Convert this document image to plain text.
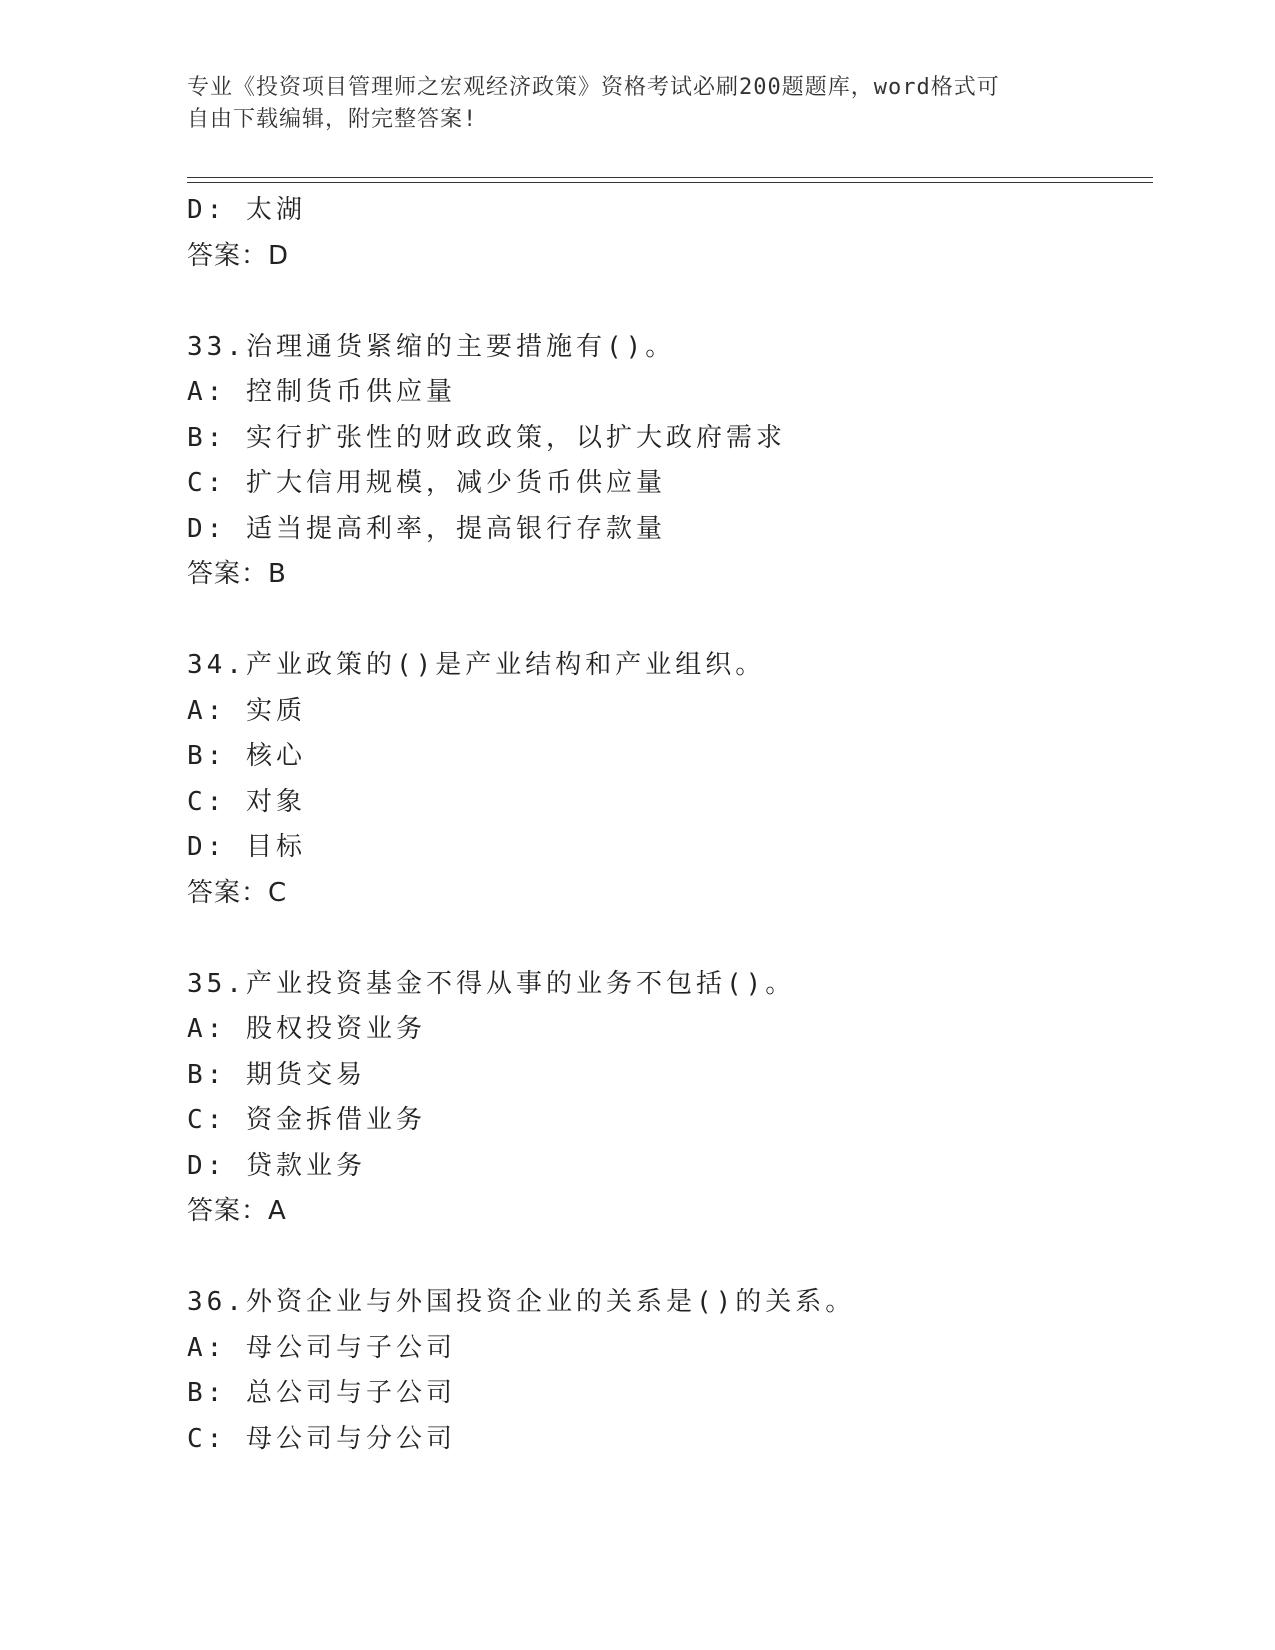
专业《投资项目管理师之宏观经济政策》资格考试必刷200题题库，word格式可
自由下载编辑，附完整答案!
D: 太湖
答案：D
33.治理通货紧缩的主要措施有()。
A: 控制货币供应量
B: 实行扩张性的财政政策，以扩大政府需求
C: 扩大信用规模，减少货币供应量
D: 适当提高利率，提高银行存款量
答案：B
34.产业政策的()是产业结构和产业组织。
A: 实质
B: 核心
C: 对象
D: 目标
答案：C
35.产业投资基金不得从事的业务不包括()。
A: 股权投资业务
B: 期货交易
C: 资金拆借业务
D: 贷款业务
答案：A
36.外资企业与外国投资企业的关系是()的关系。
A: 母公司与子公司
B: 总公司与子公司
C: 母公司与分公司
